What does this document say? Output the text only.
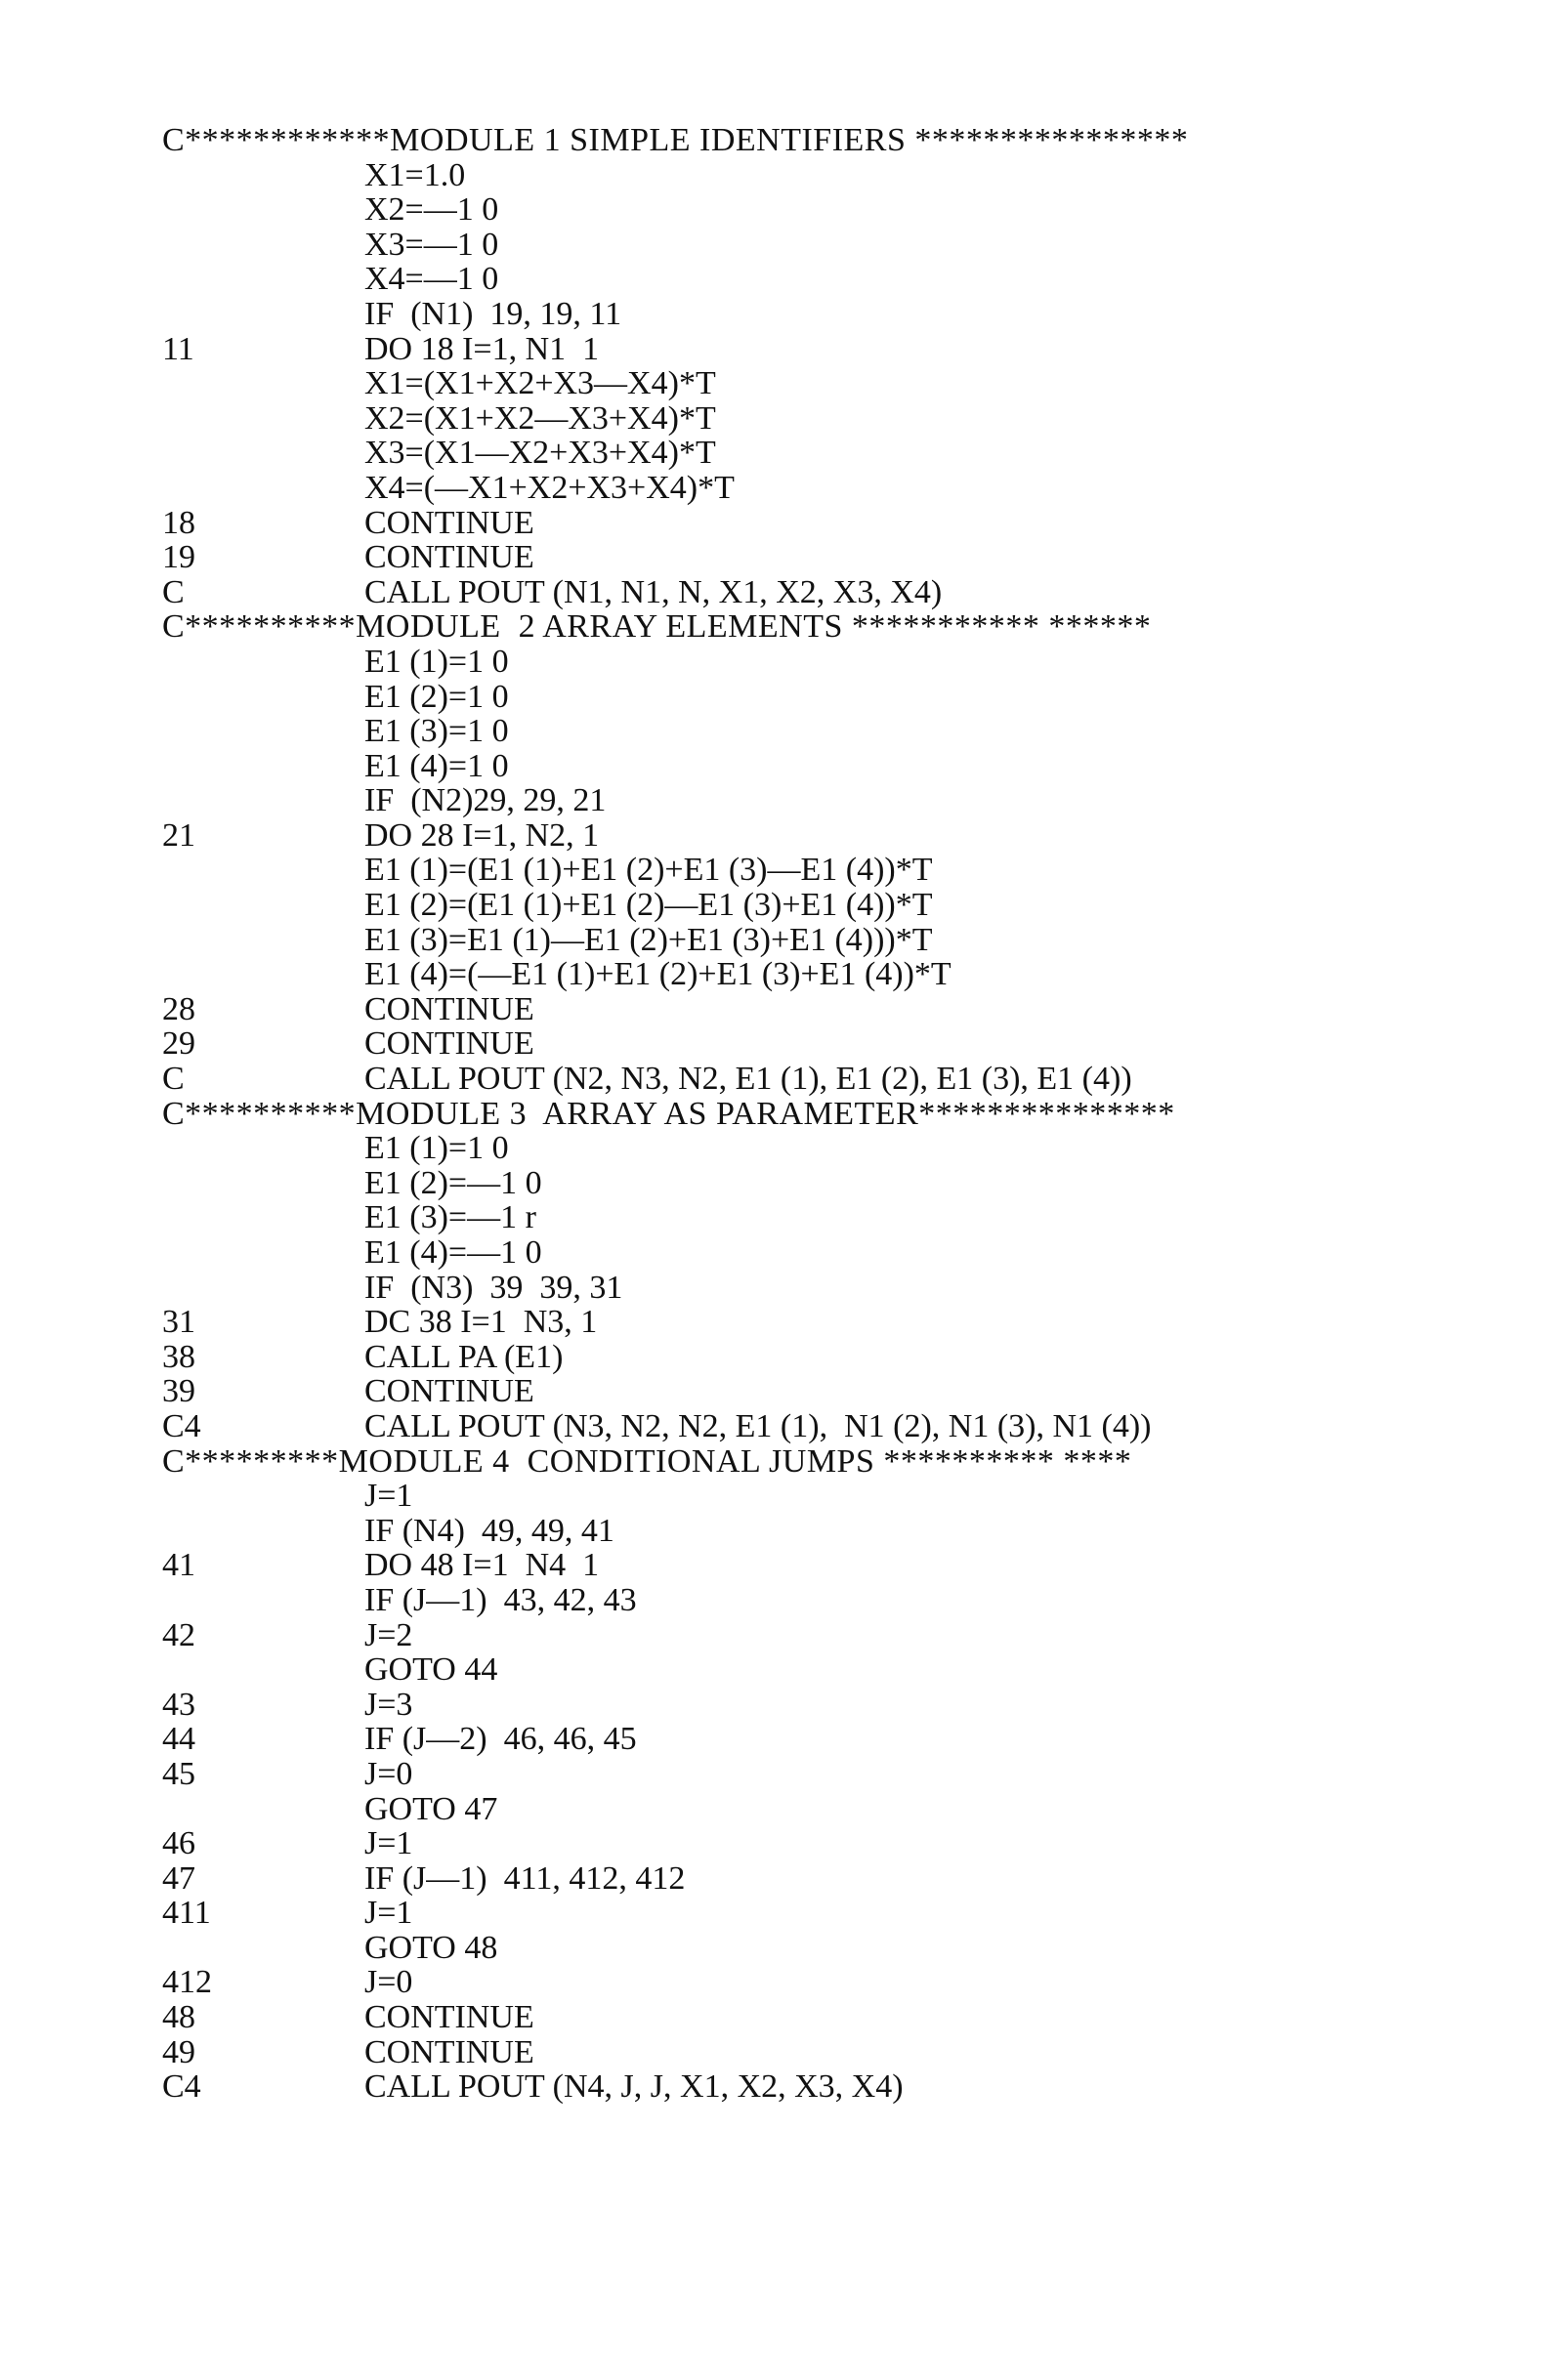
C************MODULE 1 SIMPLE IDENTIFIERS ****************
X1=1.0
X2=—1 0
X3=—1 0
X4=—1 0
IF  (N1)  19, 19, 11
11	DO 18 I=1, N1  1
X1=(X1+X2+X3—X4)*T
X2=(X1+X2—X3+X4)*T
X3=(X1—X2+X3+X4)*T
X4=(—X1+X2+X3+X4)*T
18	CONTINUE
19	CONTINUE
C	CALL POUT (N1, N1, N, X1, X2, X3, X4)
C**********MODULE  2 ARRAY ELEMENTS *********** ******
E1 (1)=1 0
E1 (2)=1 0
E1 (3)=1 0
E1 (4)=1 0
IF  (N2)29, 29, 21
21	DO 28 I=1, N2, 1
E1 (1)=(E1 (1)+E1 (2)+E1 (3)—E1 (4))*T
E1 (2)=(E1 (1)+E1 (2)—E1 (3)+E1 (4))*T
E1 (3)=E1 (1)—E1 (2)+E1 (3)+E1 (4)))*T
E1 (4)=(—E1 (1)+E1 (2)+E1 (3)+E1 (4))*T
28	CONTINUE
29	CONTINUE
C	CALL POUT (N2, N3, N2, E1 (1), E1 (2), E1 (3), E1 (4))
C**********MODULE 3  ARRAY AS PARAMETER***************
E1 (1)=1 0
E1 (2)=—1 0
E1 (3)=—1 r
E1 (4)=—1 0
IF  (N3)  39  39, 31
31	DC 38 I=1  N3, 1
38	CALL PA (E1)
39	CONTINUE
C4	CALL POUT (N3, N2, N2, E1 (1),  N1 (2), N1 (3), N1 (4))
C*********MODULE 4  CONDITIONAL JUMPS ********** ****
J=1
IF (N4)  49, 49, 41
41	DO 48 I=1  N4  1
IF (J—1)  43, 42, 43
42	J=2
GOTO 44
43	J=3
44	IF (J—2)  46, 46, 45
45	J=0
GOTO 47
46	J=1
47	IF (J—1)  411, 412, 412
411	J=1
GOTO 48
412	J=0
48	CONTINUE
49	CONTINUE
C4	CALL POUT (N4, J, J, X1, X2, X3, X4)
